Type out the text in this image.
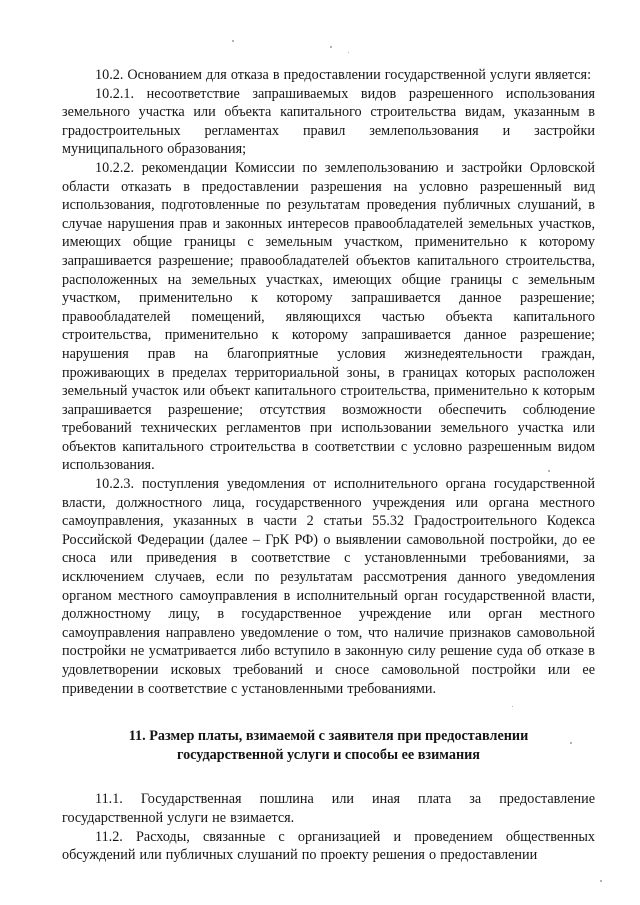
10.2. Основанием для отказа в предоставлении государственной услуги является:

10.2.1. несоответствие запрашиваемых видов разрешенного использования земельного участка или объекта капитального строительства видам, указанным в градостроительных регламентах правил землепользования и застройки муниципального образования;

10.2.2. рекомендации Комиссии по землепользованию и застройки Орловской области отказать в предоставлении разрешения на условно разрешенный вид использования, подготовленные по результатам проведения публичных слушаний, в случае нарушения прав и законных интересов правообладателей земельных участков, имеющих общие границы с земельным участком, применительно к которому запрашивается разрешение; правообладателей объектов капитального строительства, расположенных на земельных участках, имеющих общие границы с земельным участком, применительно к которому запрашивается данное разрешение; правообладателей помещений, являющихся частью объекта капитального строительства, применительно к которому запрашивается данное разрешение; нарушения прав на благоприятные условия жизнедеятельности граждан, проживающих в пределах территориальной зоны, в границах которых расположен земельный участок или объект капитального строительства, применительно к которым запрашивается разрешение; отсутствия возможности обеспечить соблюдение требований технических регламентов при использовании земельного участка или объектов капитального строительства в соответствии с условно разрешенным видом использования.

10.2.3. поступления уведомления от исполнительного органа государственной власти, должностного лица, государственного учреждения или органа местного самоуправления, указанных в части 2 статьи 55.32 Градостроительного Кодекса Российской Федерации (далее – ГрК РФ) о выявлении самовольной постройки, до ее сноса или приведения в соответствие с установленными требованиями, за исключением случаев, если по результатам рассмотрения данного уведомления органом местного самоуправления в исполнительный орган государственной власти, должностному лицу, в государственное учреждение или орган местного самоуправления направлено уведомление о том, что наличие признаков самовольной постройки не усматривается либо вступило в законную силу решение суда об отказе в удовлетворении исковых требований и сносе самовольной постройки или ее приведении в соответствие с установленными требованиями.

11. Размер платы, взимаемой с заявителя при предоставлении
государственной услуги и способы ее взимания

11.1. Государственная пошлина или иная плата за предоставление государственной услуги не взимается.

11.2. Расходы, связанные с организацией и проведением общественных обсуждений или публичных слушаний по проекту решения о предоставлении
